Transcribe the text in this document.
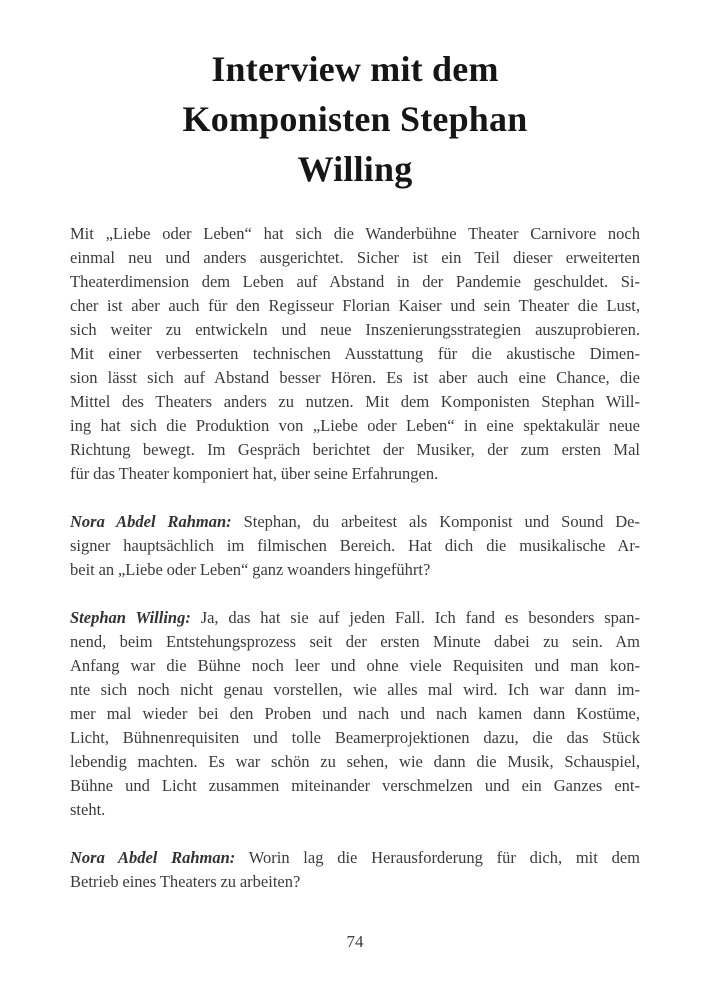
Interview mit dem
Komponisten Stephan
Willing
Mit „Liebe oder Leben“ hat sich die Wanderbühne Theater Carnivore noch
einmal neu und anders ausgerichtet. Sicher ist ein Teil dieser erweiterten
Theaterdimension dem Leben auf Abstand in der Pandemie geschuldet. Si-
cher ist aber auch für den Regisseur Florian Kaiser und sein Theater die Lust,
sich weiter zu entwickeln und neue Inszenierungsstrategien auszuprobieren.
Mit einer verbesserten technischen Ausstattung für die akustische Dimen-
sion lässt sich auf Abstand besser Hören. Es ist aber auch eine Chance, die
Mittel des Theaters anders zu nutzen. Mit dem Komponisten Stephan Will-
ing hat sich die Produktion von „Liebe oder Leben“ in eine spektakulär neue
Richtung bewegt. Im Gespräch berichtet der Musiker, der zum ersten Mal
für das Theater komponiert hat, über seine Erfahrungen.
Nora Abdel Rahman: Stephan, du arbeitest als Komponist und Sound De-
signer hauptsächlich im filmischen Bereich. Hat dich die musikalische Ar-
beit an „Liebe oder Leben“ ganz woanders hingeführt?
Stephan Willing: Ja, das hat sie auf jeden Fall. Ich fand es besonders span-
nend, beim Entstehungsprozess seit der ersten Minute dabei zu sein. Am
Anfang war die Bühne noch leer und ohne viele Requisiten und man kon-
nte sich noch nicht genau vorstellen, wie alles mal wird. Ich war dann im-
mer mal wieder bei den Proben und nach und nach kamen dann Kostüme,
Licht, Bühnenrequisiten und tolle Beamerprojektionen dazu, die das Stück
lebendig machten. Es war schön zu sehen, wie dann die Musik, Schauspiel,
Bühne und Licht zusammen miteinander verschmelzen und ein Ganzes ent-
steht.
Nora Abdel Rahman: Worin lag die Herausforderung für dich, mit dem
Betrieb eines Theaters zu arbeiten?
74
